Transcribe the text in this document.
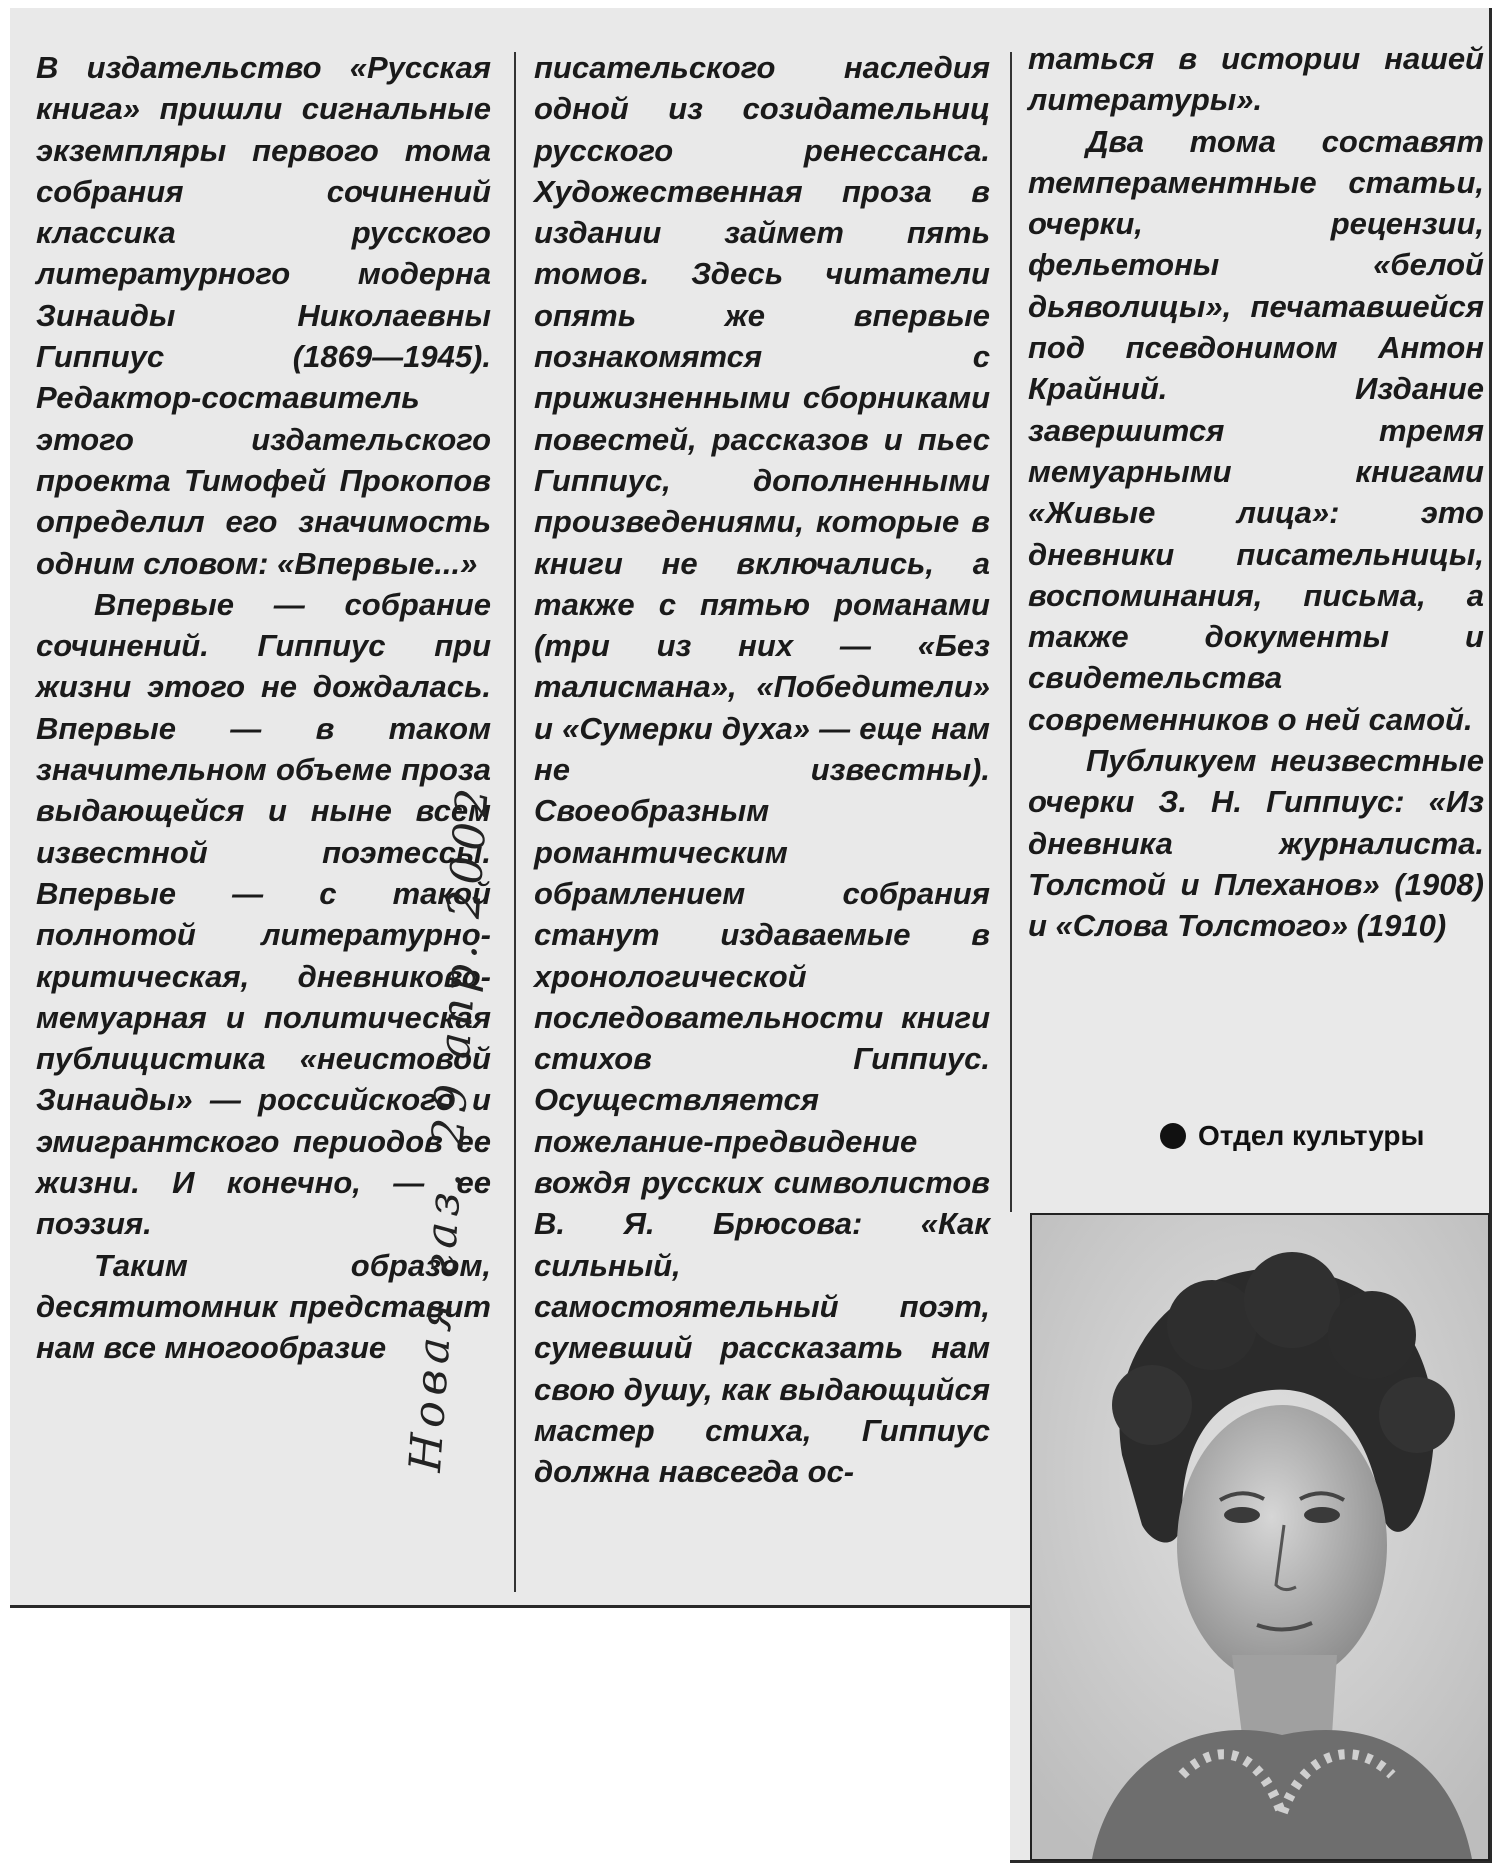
В издательство «Русская книга» пришли сигнальные экземпляры первого тома собрания сочинений классика русского литературного модерна Зинаиды Николаевны Гиппиус (1869—1945). Редактор-составитель этого издательского проекта Тимофей Прокопов определил его значимость одним словом: «Впервые...»

Впервые — собрание сочинений. Гиппиус при жизни этого не дождалась. Впервые — в таком значительном объеме проза выдающейся и ныне всем известной поэтессы. Впервые — с такой полнотой литературно-критическая, дневниково-мемуарная и политическая публицистика «неистовой Зинаиды» — российского и эмигрантского периодов ее жизни. И конечно, — ее поэзия.

Таким образом, десятитомник представит нам все многообразие

писательского наследия одной из созидательниц русского ренессанса. Художественная проза в издании займет пять томов. Здесь читатели опять же впервые познакомятся с прижизненными сборниками повестей, рассказов и пьес Гиппиус, дополненными произведениями, которые в книги не включались, а также с пятью романами (три из них — «Без талисмана», «Победители» и «Сумерки духа» — еще нам не известны). Своеобразным романтическим обрамлением собрания станут издаваемые в хронологической последовательности книги стихов Гиппиус. Осуществляется пожелание-предвидение вождя русских символистов В. Я. Брюсова: «Как сильный, самостоятельный поэт, сумевший рассказать нам свою душу, как выдающийся мастер стиха, Гиппиус должна навсегда ос-

таться в истории нашей литературы».

Два тома составят темпераментные статьи, очерки, рецензии, фельетоны «белой дьяволицы», печатавшейся под псевдонимом Антон Крайний. Издание завершится тремя мемуарными книгами «Живые лица»: это дневники писательницы, воспоминания, письма, а также документы и свидетельства современников о ней самой.

Публикуем неизвестные очерки З. Н. Гиппиус: «Из дневника журналиста. Толстой и Плеханов» (1908) и «Слова Толстого» (1910)

Отдел культуры
Новая газ. 29 апр. 2002
